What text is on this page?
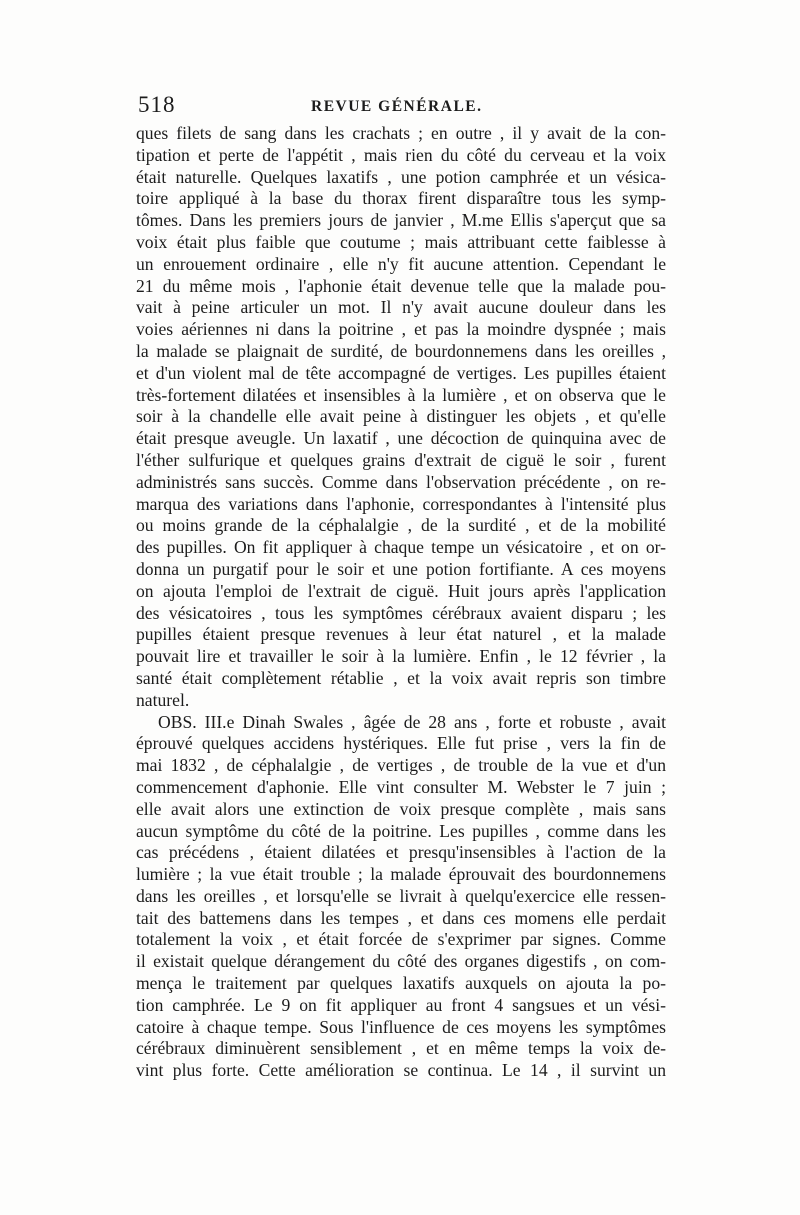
518	REVUE GÉNÉRALE.
ques filets de sang dans les crachats ; en outre , il y avait de la con-
tipation et perte de l'appétit , mais rien du côté du cerveau et la voix
était naturelle. Quelques laxatifs , une potion camphrée et un vésica-
toire appliqué à la base du thorax firent disparaître tous les symp-
tômes. Dans les premiers jours de janvier , M.me Ellis s'aperçut que sa
voix était plus faible que coutume ; mais attribuant cette faiblesse à
un enrouement ordinaire , elle n'y fit aucune attention. Cependant le
21 du même mois , l'aphonie était devenue telle que la malade pou-
vait à peine articuler un mot. Il n'y avait aucune douleur dans les
voies aériennes ni dans la poitrine , et pas la moindre dyspnée ; mais
la malade se plaignait de surdité, de bourdonnemens dans les oreilles ,
et d'un violent mal de tête accompagné de vertiges. Les pupilles étaient
très-fortement dilatées et insensibles à la lumière , et on observa que le
soir à la chandelle elle avait peine à distinguer les objets , et qu'elle
était presque aveugle. Un laxatif , une décoction de quinquina avec de
l'éther sulfurique et quelques grains d'extrait de ciguë le soir , furent
administrés sans succès. Comme dans l'observation précédente , on re-
marqua des variations dans l'aphonie, correspondantes à l'intensité plus
ou moins grande de la céphalalgie , de la surdité , et de la mobilité
des pupilles. On fit appliquer à chaque tempe un vésicatoire , et on or-
donna un purgatif pour le soir et une potion fortifiante. A ces moyens
on ajouta l'emploi de l'extrait de ciguë. Huit jours après l'application
des vésicatoires , tous les symptômes cérébraux avaient disparu ; les
pupilles étaient presque revenues à leur état naturel , et la malade
pouvait lire et travailler le soir à la lumière. Enfin , le 12 février , la
santé était complètement rétablie , et la voix avait repris son timbre
naturel.
OBS. III.e Dinah Swales , âgée de 28 ans , forte et robuste , avait
éprouvé quelques accidens hystériques. Elle fut prise , vers la fin de
mai 1832 , de céphalalgie , de vertiges , de trouble de la vue et d'un
commencement d'aphonie. Elle vint consulter M. Webster le 7 juin ;
elle avait alors une extinction de voix presque complète , mais sans
aucun symptôme du côté de la poitrine. Les pupilles , comme dans les
cas précédens , étaient dilatées et presqu'insensibles à l'action de la
lumière ; la vue était trouble ; la malade éprouvait des bourdonnemens
dans les oreilles , et lorsqu'elle se livrait à quelqu'exercice elle ressen-
tait des battemens dans les tempes , et dans ces momens elle perdait
totalement la voix , et était forcée de s'exprimer par signes. Comme
il existait quelque dérangement du côté des organes digestifs , on com-
mença le traitement par quelques laxatifs auxquels on ajouta la po-
tion camphrée. Le 9 on fit appliquer au front 4 sangsues et un vési-
catoire à chaque tempe. Sous l'influence de ces moyens les symptômes
cérébraux diminuèrent sensiblement , et en même temps la voix de-
vint plus forte. Cette amélioration se continua. Le 14 , il survint un
